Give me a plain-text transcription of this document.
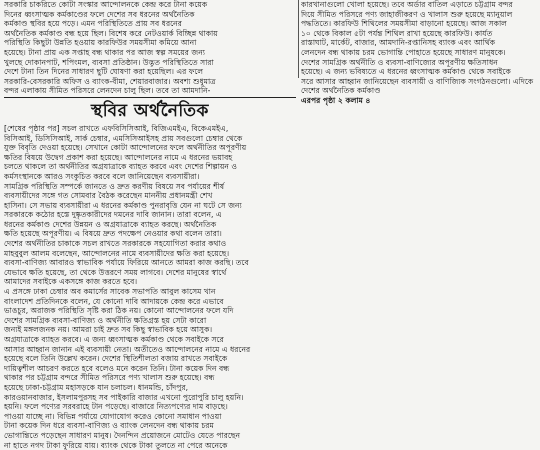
সরকারি চাকরিতে কোটা সংস্কার আন্দোলনকে কেন্দ্র করে টানা কয়েক
দিনের ধ্বংসাত্মক কর্মকাণ্ডের ফলে দেশের সব ধরনের অর্থনৈতিক
কর্মকাণ্ড স্থবির হয়ে পড়ে। এমন পরিস্থিতিতে প্রায় সব ধরনের
অর্থনৈতিক কর্মকাণ্ড বন্ধ হয়ে ছিল। বিশেষ করে নেটওয়ার্ক বিচ্ছিন্ন থাকায়
পরিস্থিতি কিছুটা উন্নতি হওয়ায় কারফিউর সময়সীমা কমিয়ে আনা
হয়েছে। টানা প্রায় এক সপ্তাহ বন্ধ থাকার পর আজ স্বল্প সময়ের জন্য
খুলছে দোকানপাট, শপিংমল, ব্যবসা প্রতিষ্ঠান। উদ্ভূত পরিস্থিতিতে সারা
দেশে টানা তিন দিনের সাধারণ ছুটি ঘোষণা করা হয়েছিল। এর ফলে
সরকারি-বেসরকারি অফিস ও ব্যাংক-বীমা, শেয়ারবাজার। অবশ্য শুধুমাত্র
বন্দর এলাকায় সীমিত পরিসরে লেনদেন চালু ছিল। তবে তা আমদানি-
স্থবির অর্থনৈতিক
[শেষের পৃষ্ঠার পর] সচল রাখতে এফবিসিসিআই, বিজিএমইএ, বিকেএমইএ,
বিসিআই, ডিসিসিআই, সার্ক চেম্বার, এমসিসিআইসহ প্রায় সবগুলো চেম্বার থেকে
যুক্ত বিবৃতি দেওয়া হয়েছে। সেখানে কোটা আন্দোলনের ফলে অর্থনীতির অপূরণীয়
ক্ষতির বিষয়ে উদ্বেগ প্রকাশ করা হয়েছে। আন্দোলনের নামে এ ধরনের ভয়াবহ
চলতে থাকলে তা অর্থনীতির অগ্রযাত্রাকে ব্যাহত করবে এবং দেশের শিল্পায়ন ও
কর্মসংস্থানকে আরও সংকুচিত করবে বলে জানিয়েছেন ব্যবসায়ীরা।
সামগ্রিক পরিস্থিতি সম্পর্কে জানতে ও দ্রুত করণীয় বিষয়ে সব পর্যায়ের শীর্ষ
ব্যবসায়ীদের সঙ্গে গত সোমবার বৈঠক করেছেন মাননীয় প্রধানমন্ত্রী শেখ
হাসিনা। সে সভায় ব্যবসায়ীরা এ ধরনের কর্মকাণ্ড পুনরাবৃত্তি যেন না ঘটে সে জন্য
সরকারকে কঠোর হস্তে দুষ্কৃতকারীদের দমনের দাবি জানান। তারা বলেন, এ
ধরনের কর্মকাণ্ড দেশের উন্নয়ন ও অগ্রযাত্রাকে ব্যাহত করছে। অর্থনৈতিক
ক্ষতি হয়েছে অপূরণীয়। এ বিষয়ে দ্রুত পদক্ষেপ নেওয়ার কথা বলেন তারা।
দেশের অর্থনীতির চাকাকে সচল রাখতে সরকারকে সহযোগিতা করার কথাও
মাহবুবুল আলম বলেছেন, আন্দোলনের নামে ব্যবসায়ীদের ক্ষতি করা হয়েছে।
ব্যবসা-বাণিজ্য আবারও স্বাভাবিক পর্যায়ে ফিরিয়ে আনতে আমরা কাজ করছি। তবে
যেভাবে ক্ষতি হয়েছে, তা থেকে উত্তরণে সময় লাগবে। দেশের মানুষের স্বার্থে
আমাদের সবাইকে একসঙ্গে কাজ করতে হবে।
এ প্রসঙ্গে ঢাকা চেম্বার অব কমার্সের সাবেক সভাপতি আবুল কাসেম খান
বাংলাদেশ প্রতিদিনকে বলেন, যে কোনো দাবি আদায়কে কেন্দ্র করে এভাবে
ভাঙচুর, অরাজক পরিস্থিতি সৃষ্টি করা ঠিক নয়। কোনো আন্দোলনের ফলে যদি
দেশের সামগ্রিক ব্যবসা-বাণিজ্য ও অর্থনীতি ক্ষতিগ্রস্ত হয় সেটা কারো
জন্যই মঙ্গলজনক নয়। আমরা চাই দ্রুত সব কিছু স্বাভাবিক হয়ে আসুক।
অগ্রযাত্রাকে ব্যাহত করবে। এ জন্য ধ্বংসাত্মক কর্মকাণ্ড থেকে সবাইকে সরে
আসার আহ্বান জানান এই ব্যবসায়ী নেতা। অতীতেও আন্দোলনের নামে এ ধরনের
হয়েছে বলে তিনি উল্লেখ করেন। দেশের স্থিতিশীলতা বজায় রাখতে সবাইকে
দায়িত্বশীল আচরণ করতে হবে বলেও মনে করেন তিনি। টানা কয়েক দিন বন্ধ
থাকার পর চট্টগ্রাম বন্দরে সীমিত পরিসরে পণ্য খালাস শুরু হয়েছে। বন্ধ
হয়েছে ঢাকা-চট্টগ্রাম মহাসড়কে যান চলাচল। ধানমন্ডি, চাঁদপুর,
কারওয়ানবাজার, ইসলামপুরসহ সব পাইকারি বাজার এখনো পুরোপুরি চালু হয়নি।
হয়নি। ফলে পণ্যের সরবরাহে টান পড়েছে। বাজারে নিত্যপণ্যের দাম বাড়ছে।
পাওয়া যাচ্ছে না। বিভিন্ন পর্যায়ে যোগাযোগ করেও কোনো সমাধান পাওয়া
টানা কয়েক দিন ধরে ব্যবসা-বাণিজ্য ও ব্যাংক লেনদেন বন্ধ থাকায় চরম
ভোগান্তিতে পড়েছেন সাধারণ মানুষ। দৈনন্দিন প্রয়োজনে মোটেও যেতে পারছেন
না হাতে নগদ টাকা ফুরিয়ে যায়। ব্যাংক থেকে টাকা তুলতে না পেরে অনেকে
কারখানাগুলো খোলা হয়েছে। তবে অর্ডার বাতিল এড়াতে চট্টগ্রাম বন্দর
দিয়ে সীমিত পরিসরে পণ্য জাহাজীকরণ ও খালাস শুরু হয়েছে ম্যানুয়াল
পদ্ধতিতে। কারফিউ শিথিলের সময়সীমা বাড়ানো হয়েছে। আজ সকাল
১০ থেকে বিকাল ৫টা পর্যন্ত শিথিল রাখা হয়েছে কারফিউ। কার্যত
রাস্তাঘাট, মার্কেট, বাজার, আমদানি-রপ্তানিসহ ব্যাংক এবং আর্থিক
লেনদেন বন্ধ থাকায় চরম ভোগান্তি পোহাতে হয়েছে সাধারণ মানুষকে।
দেশের সামগ্রিক অর্থনীতি ও ব্যবসা-বাণিজ্যের অপূরণীয় ক্ষতিসাধন
হয়েছে। এ জন্য ভবিষ্যতে এ ধরনের ধ্বংসাত্মক কর্মকাণ্ড থেকে সবাইকে
সরে আসার আহ্বান জানিয়েছেন ব্যবসায়ী ও বাণিজ্যিক সংগঠনগুলো। এদিকে
দেশের অর্থনৈতিক কর্মকাণ্ড
এরপর পৃষ্ঠা ২ কলাম ৪
